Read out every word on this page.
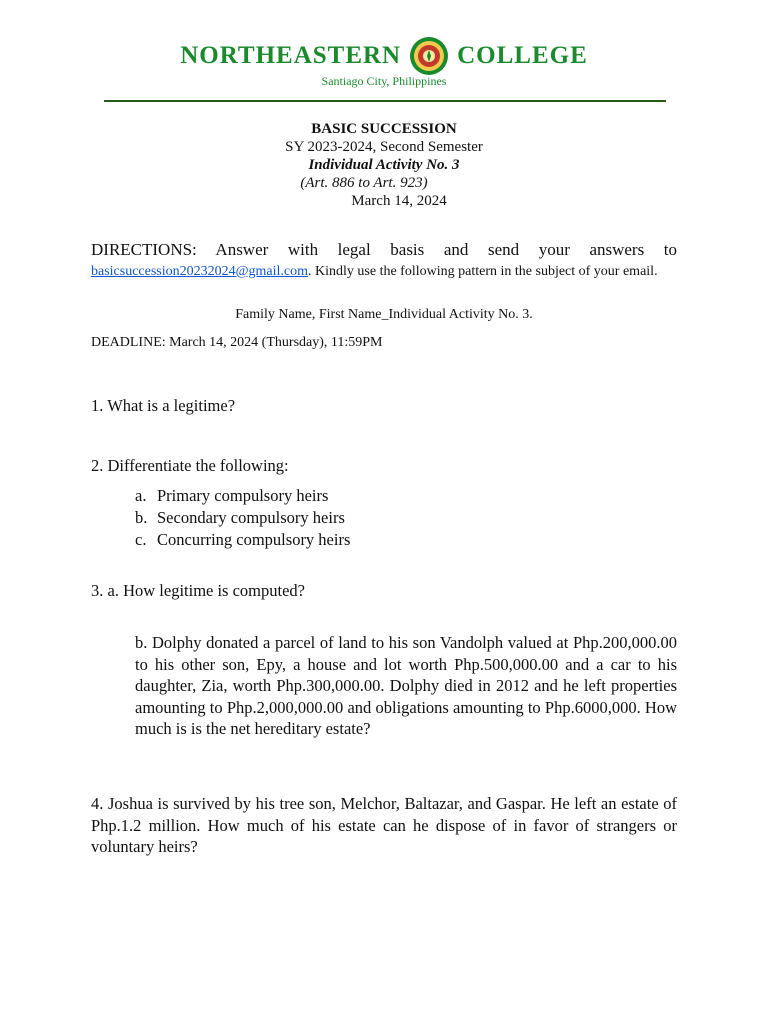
NORTHEASTERN COLLEGE
Santiago City, Philippines
BASIC SUCCESSION
SY 2023-2024, Second Semester
Individual Activity No. 3
(Art. 886 to Art. 923)
March 14, 2024
DIRECTIONS: Answer with legal basis and send your answers to basicsuccession20232024@gmail.com. Kindly use the following pattern in the subject of your email.
Family Name, First Name_Individual Activity No. 3.
DEADLINE: March 14, 2024 (Thursday), 11:59PM
1. What is a legitime?
2. Differentiate the following:
a. Primary compulsory heirs
b. Secondary compulsory heirs
c. Concurring compulsory heirs
3. a. How legitime is computed?
b. Dolphy donated a parcel of land to his son Vandolph valued at Php.200,000.00 to his other son, Epy, a house and lot worth Php.500,000.00 and a car to his daughter, Zia, worth Php.300,000.00. Dolphy died in 2012 and he left properties amounting to Php.2,000,000.00 and obligations amounting to Php.6000,000. How much is is the net hereditary estate?
4. Joshua is survived by his tree son, Melchor, Baltazar, and Gaspar. He left an estate of Php.1.2 million. How much of his estate can he dispose of in favor of strangers or voluntary heirs?
